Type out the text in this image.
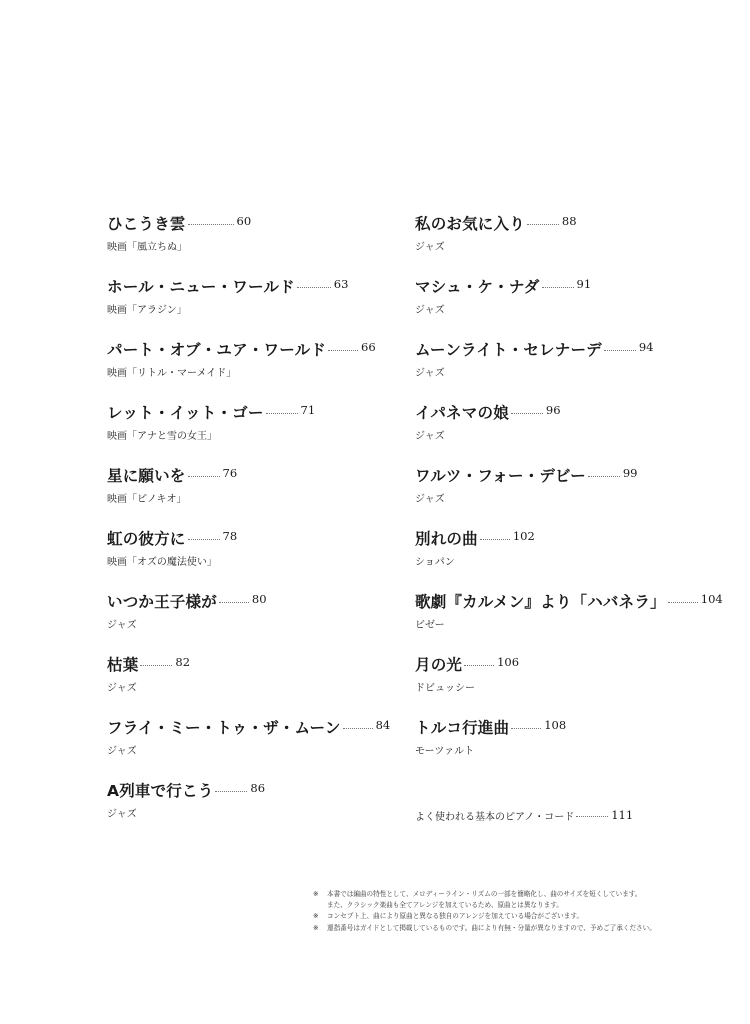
ひこうき雲	60
映画「風立ちぬ」
ホール・ニュー・ワールド	63
映画「アラジン」
パート・オブ・ユア・ワールド	66
映画「リトル・マーメイド」
レット・イット・ゴー	71
映画「アナと雪の女王」
星に願いを	76
映画「ピノキオ」
虹の彼方に	78
映画「オズの魔法使い」
いつか王子様が	80
ジャズ
枯葉	82
ジャズ
フライ・ミー・トゥ・ザ・ムーン	84
ジャズ
A列車で行こう	86
ジャズ
私のお気に入り	88
ジャズ
マシュ・ケ・ナダ	91
ジャズ
ムーンライト・セレナーデ	94
ジャズ
イパネマの娘	96
ジャズ
ワルツ・フォー・デビー	99
ジャズ
別れの曲	102
ショパン
歌劇『カルメン』より「ハバネラ」	104
ビゼー
月の光	106
ドビュッシー
トルコ行進曲	108
モーツァルト
よく使われる基本のピアノ・コード	111
※	本書では編曲の特性として、メロディーライン・リズムの一部を簡略化し、曲のサイズを短くしています。
また、クラシック楽曲も全てアレンジを加えているため、原曲とは異なります。
※	コンセプト上、曲により原曲と異なる独自のアレンジを加えている場合がございます。
※	運指番号はガイドとして掲載しているものです。曲により有無・分量が異なりますので、予めご了承ください。
